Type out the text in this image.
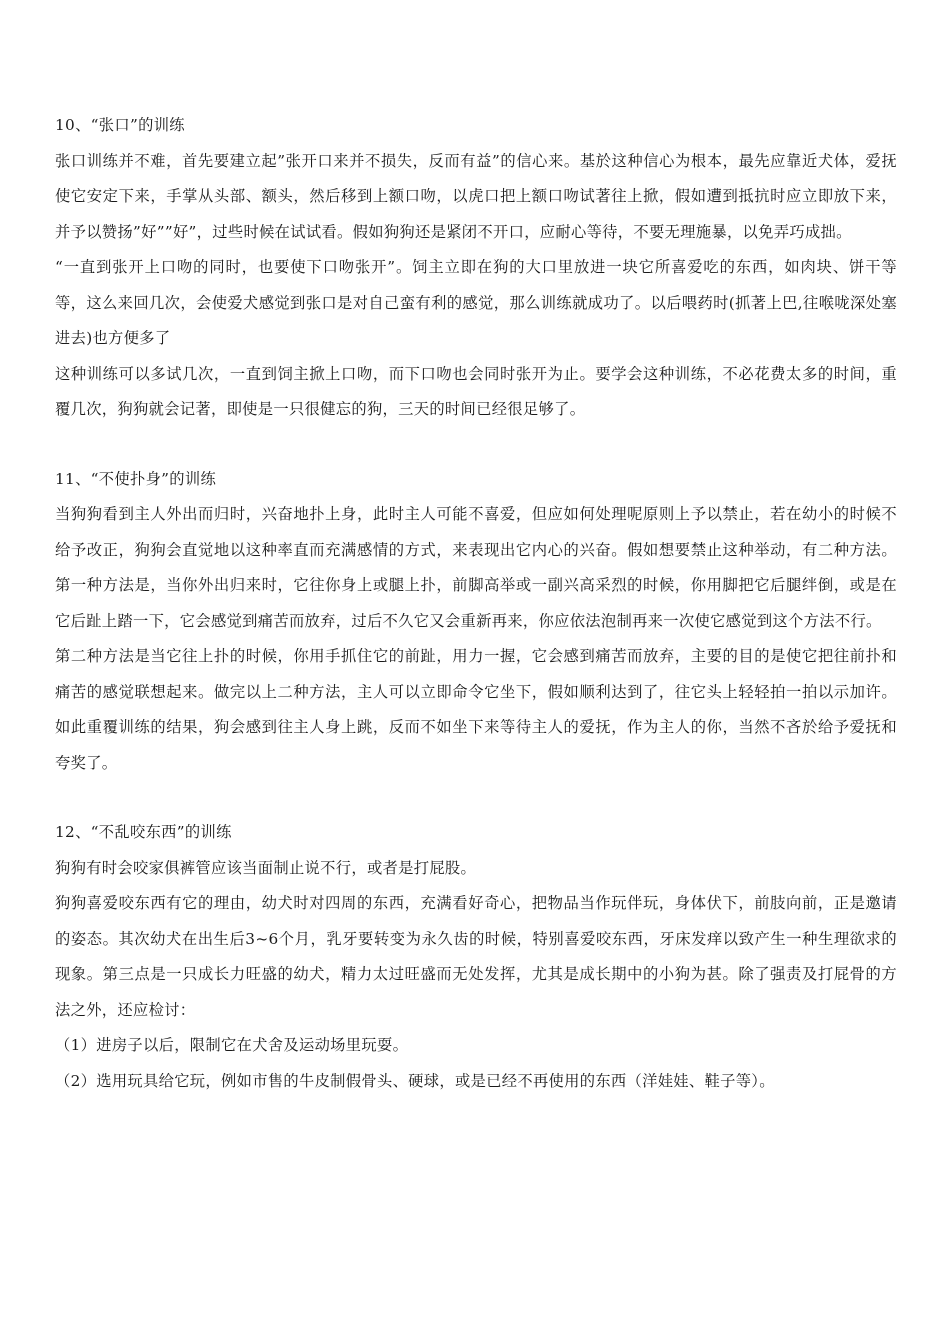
10、“张口”的训练

张口训练并不难，首先要建立起”张开口来并不损失，反而有益”的信心来。基於这种信心为根本，最先应靠近犬体，爱抚使它安定下来，手掌从头部、额头，然后移到上额口吻，以虎口把上额口吻试著往上掀，假如遭到抵抗时应立即放下来，并予以赞扬”好””好”，过些时候在试试看。假如狗狗还是紧闭不开口，应耐心等待，不要无理施暴，以免弄巧成拙。

“一直到张开上口吻的同时，也要使下口吻张开”。饲主立即在狗的大口里放进一块它所喜爱吃的东西，如肉块、饼干等等，这么来回几次，会使爱犬感觉到张口是对自己蛮有利的感觉，那么训练就成功了。以后喂药时(抓著上巴,往喉咙深处塞进去)也方便多了

这种训练可以多试几次，一直到饲主掀上口吻，而下口吻也会同时张开为止。要学会这种训练，不必花费太多的时间，重覆几次，狗狗就会记著，即使是一只很健忘的狗，三天的时间已经很足够了。

11、“不使扑身”的训练

当狗狗看到主人外出而归时，兴奋地扑上身，此时主人可能不喜爱，但应如何处理呢原则上予以禁止，若在幼小的时候不给予改正，狗狗会直觉地以这种率直而充满感情的方式，来表现出它内心的兴奋。假如想要禁止这种举动，有二种方法。第一种方法是，当你外出归来时，它往你身上或腿上扑，前脚高举或一副兴高采烈的时候，你用脚把它后腿绊倒，或是在它后趾上踏一下，它会感觉到痛苦而放弃，过后不久它又会重新再来，你应依法泡制再来一次使它感觉到这个方法不行。

第二种方法是当它往上扑的时候，你用手抓住它的前趾，用力一握，它会感到痛苦而放弃，主要的目的是使它把往前扑和痛苦的感觉联想起来。做完以上二种方法，主人可以立即命令它坐下，假如顺利达到了，往它头上轻轻拍一拍以示加许。如此重覆训练的结果，狗会感到往主人身上跳，反而不如坐下来等待主人的爱抚，作为主人的你，当然不吝於给予爱抚和夸奖了。

12、“不乱咬东西”的训练

狗狗有时会咬家俱裤管应该当面制止说不行，或者是打屁股。

狗狗喜爱咬东西有它的理由，幼犬时对四周的东西，充满看好奇心，把物品当作玩伴玩，身体伏下，前肢向前，正是邀请的姿态。其次幼犬在出生后3~6个月，乳牙要转变为永久齿的时候，特别喜爱咬东西，牙床发痒以致产生一种生理欲求的现象。第三点是一只成长力旺盛的幼犬，精力太过旺盛而无处发挥，尤其是成长期中的小狗为甚。除了强责及打屁骨的方法之外，还应检讨：

（1）进房子以后，限制它在犬舍及运动场里玩耍。

（2）选用玩具给它玩，例如市售的牛皮制假骨头、硬球，或是已经不再使用的东西（洋娃娃、鞋子等）。
